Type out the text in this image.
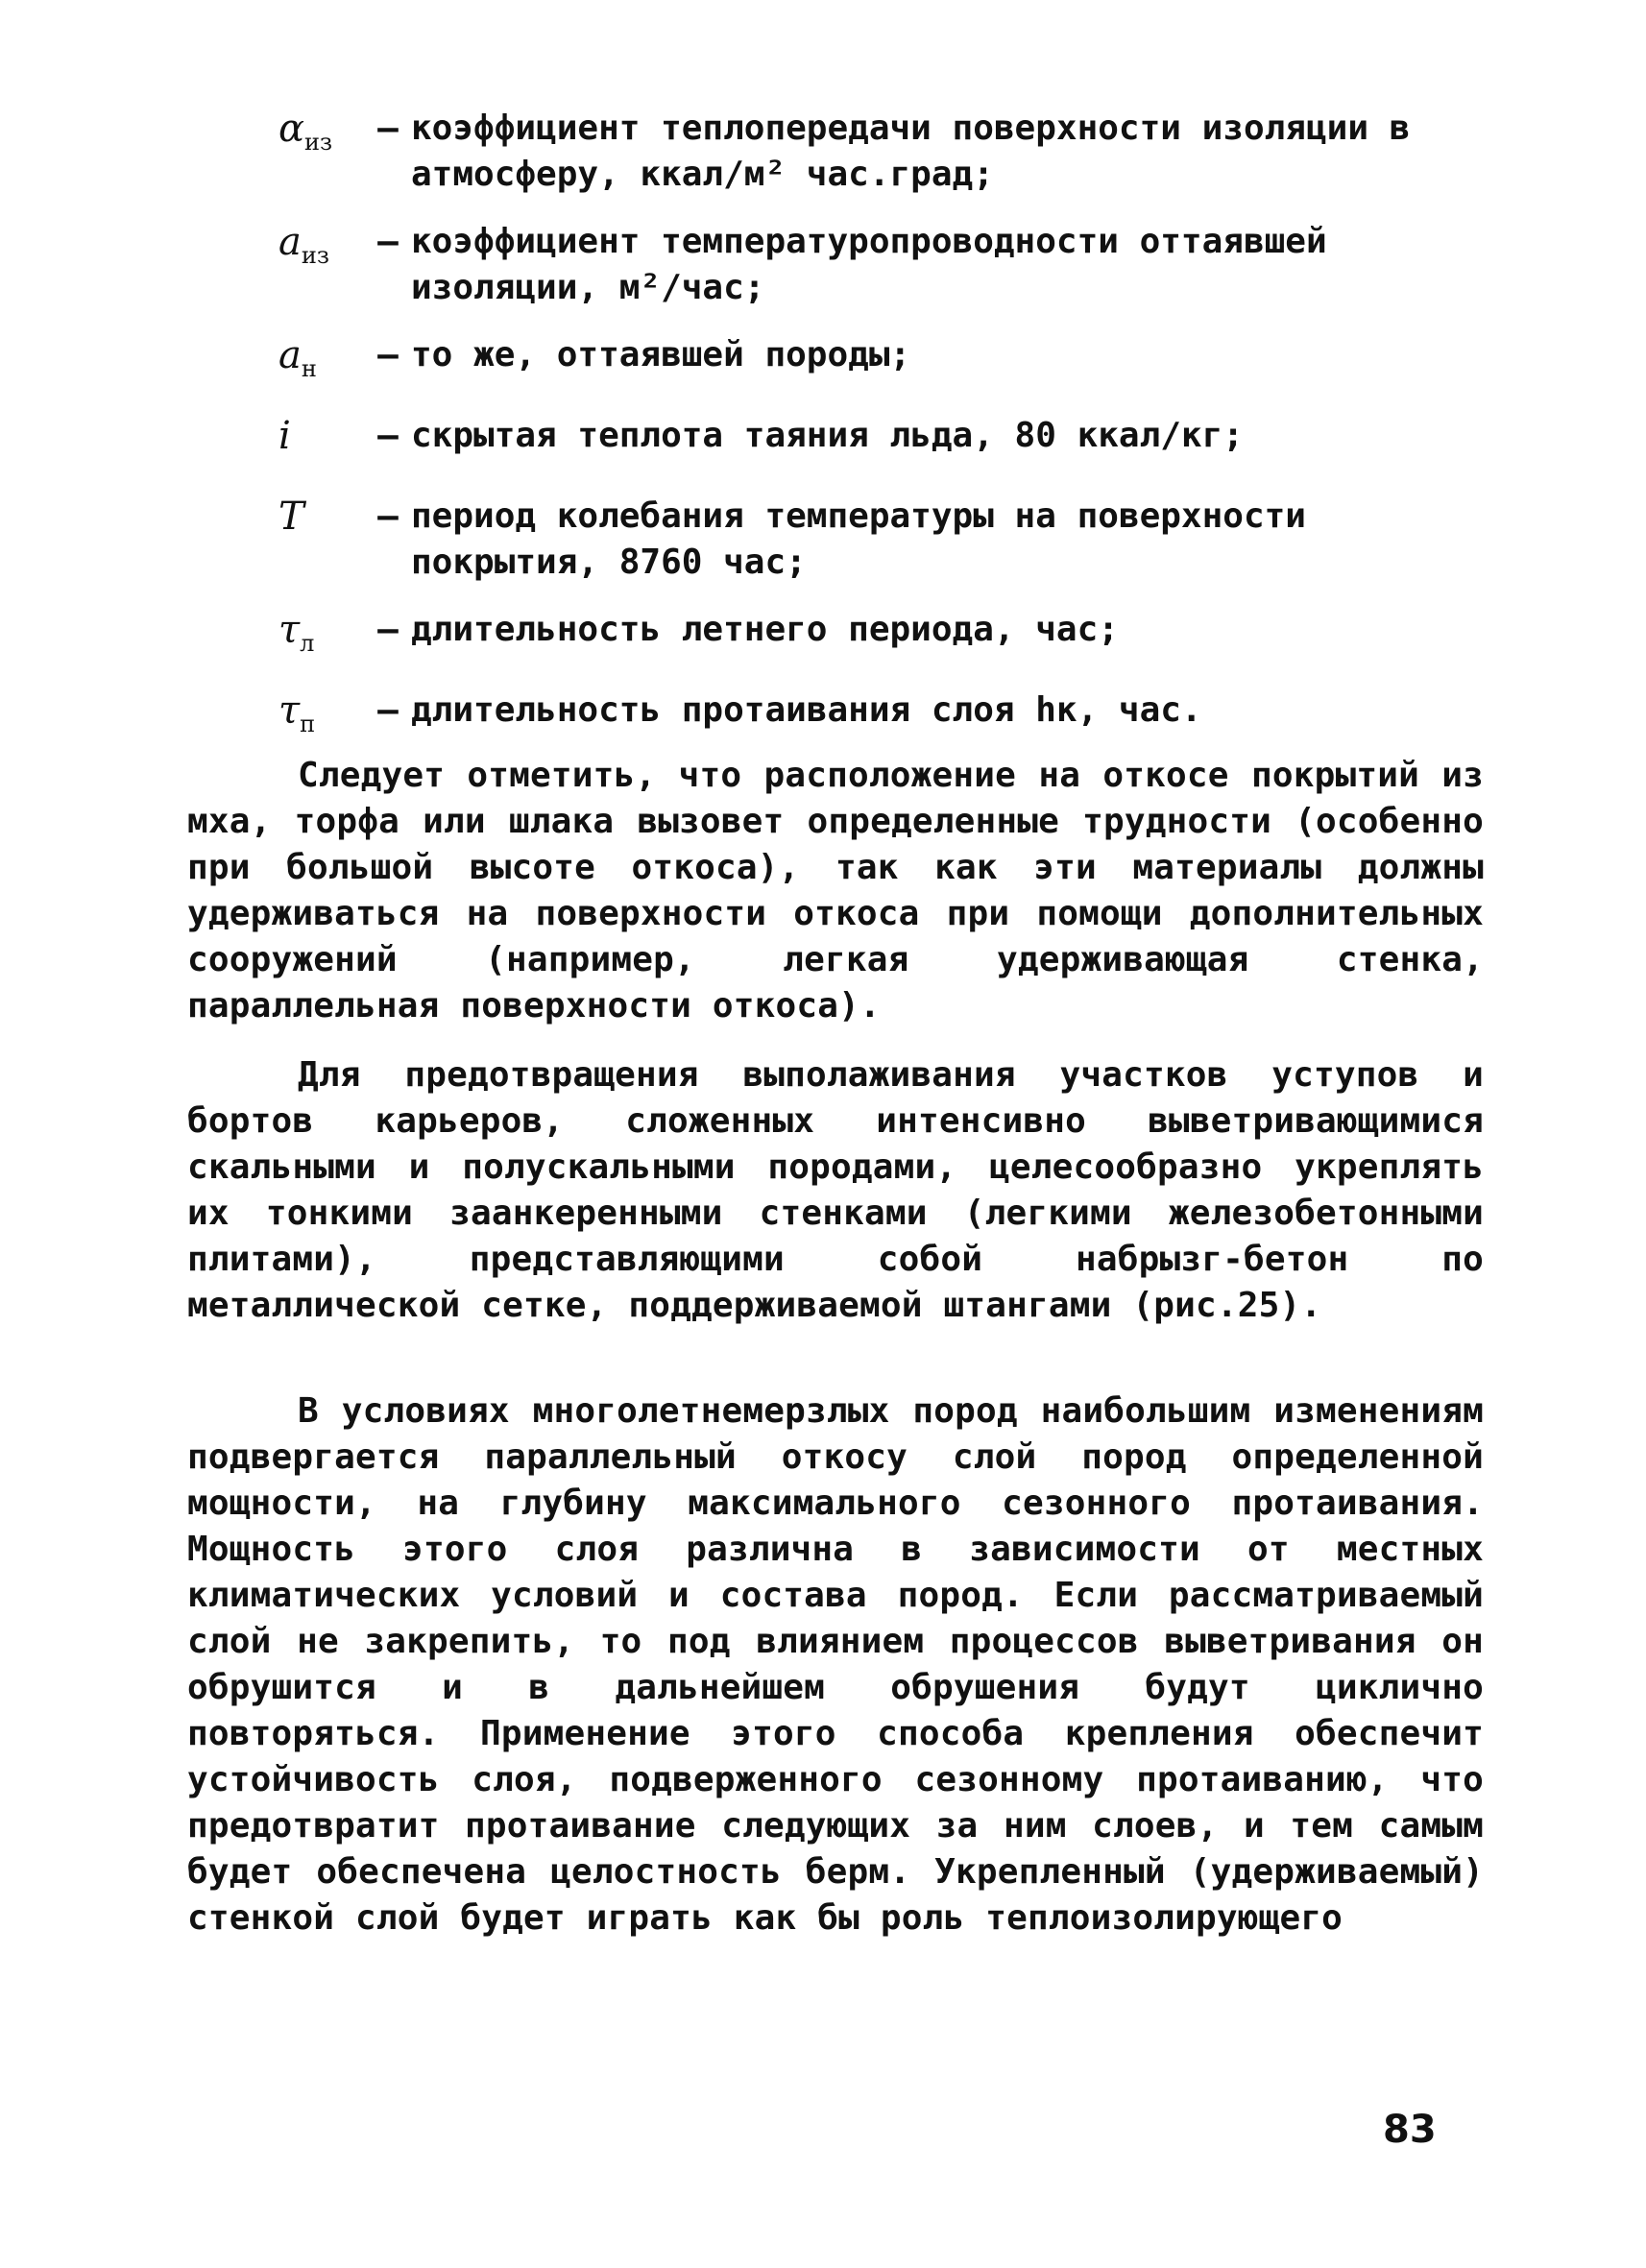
$\alpha_{из}$	– коэффициент теплопередачи поверхности изоляции в атмосферу, ккал/м² час.град;
$a_{из}$	– коэффициент температуропроводности оттаявшей изоляции, м²/час;
$a_н$	– то же, оттаявшей породы;
i	– скрытая теплота таяния льда, 80 ккал/кг;
T	– период колебания температуры на поверхности покрытия, 8760 час;
$\tau_л$	– длительность летнего периода, час;
$\tau_п$	– длительность протаивания слоя hк, час.

Следует отметить, что расположение на откосе покрытий из мха, торфа или шлака вызовет определенные трудности (особенно при большой высоте откоса), так как эти материалы должны удерживаться на поверхности откоса при помощи дополнительных сооружений (например, легкая удерживающая стенка, параллельная поверхности откоса).

Для предотвращения выполаживания участков уступов и бортов карьеров, сложенных интенсивно выветривающимися скальными и полускальными породами, целесообразно укреплять их тонкими заанкеренными стенками (легкими железобетонными плитами), представляющими собой набрызг-бетон по металлической сетке, поддерживаемой штангами (рис.25).

В условиях многолетнемерзлых пород наибольшим изменениям подвергается параллельный откосу слой пород определенной мощности, на глубину максимального сезонного протаивания. Мощность этого слоя различна в зависимости от местных климатических условий и состава пород. Если рассматриваемый слой не закрепить, то под влиянием процессов выветривания он обрушится и в дальнейшем обрушения будут циклично повторяться. Применение этого способа крепления обеспечит устойчивость слоя, подверженного сезонному протаиванию, что предотвратит протаивание следующих за ним слоев, и тем самым будет обеспечена целостность берм. Укрепленный (удерживаемый) стенкой слой будет играть как бы роль теплоизолирующего

83
